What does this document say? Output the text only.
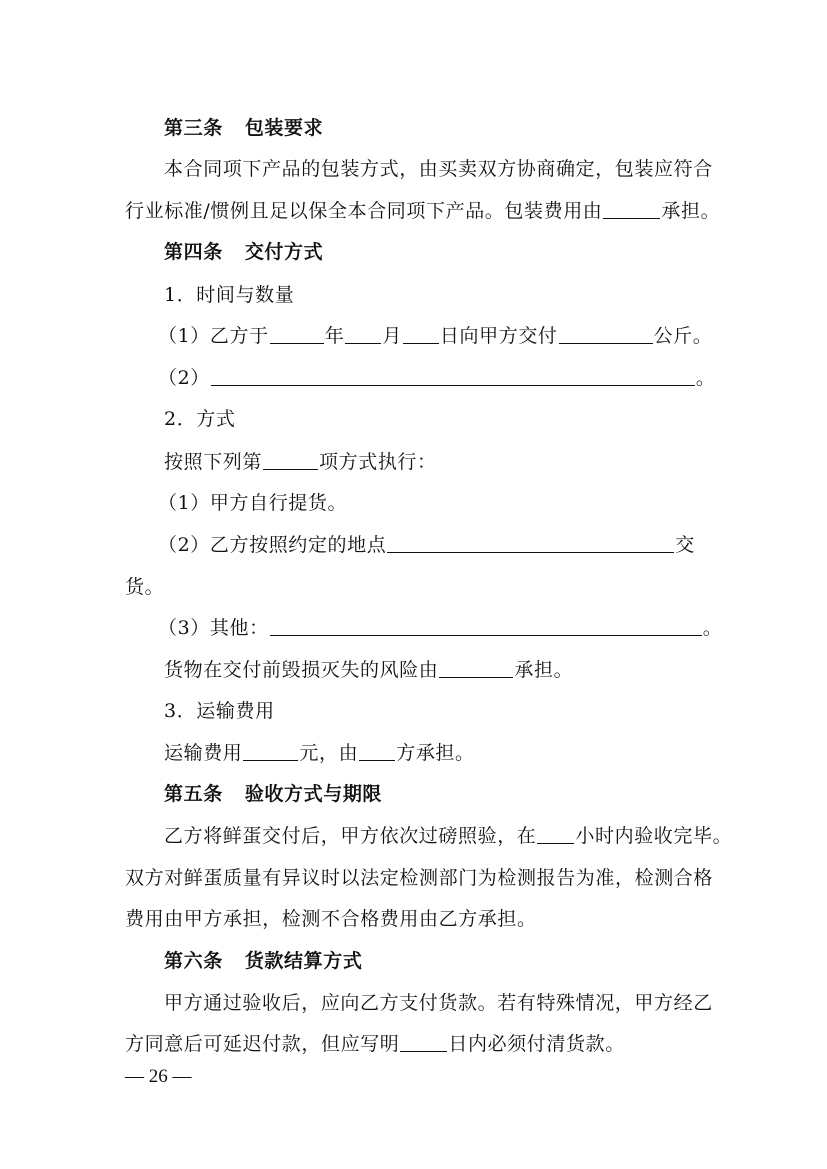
第三条 包装要求
本合同项下产品的包装方式，由买卖双方协商确定，包装应符合
行业标准/惯例且足以保全本合同项下产品。包装费用由	承担。
第四条 交付方式
1．时间与数量
（1）乙方于	年 月 日向甲方交付	公斤。
（2）	。
2．方式
按照下列第	项方式执行：
（1）甲方自行提货。
（2）乙方按照约定的地点	交
货。
（3）其他：	。
货物在交付前毁损灭失的风险由	承担。
3．运输费用
运输费用	元，由 方承担。
第五条 验收方式与期限
乙方将鲜蛋交付后，甲方依次过磅照验，在 小时内验收完毕。
双方对鲜蛋质量有异议时以法定检测部门为检测报告为准，检测合格
费用由甲方承担，检测不合格费用由乙方承担。
第六条 货款结算方式
甲方通过验收后，应向乙方支付货款。若有特殊情况，甲方经乙
方同意后可延迟付款，但应写明	日内必须付清货款。
— 26 —
